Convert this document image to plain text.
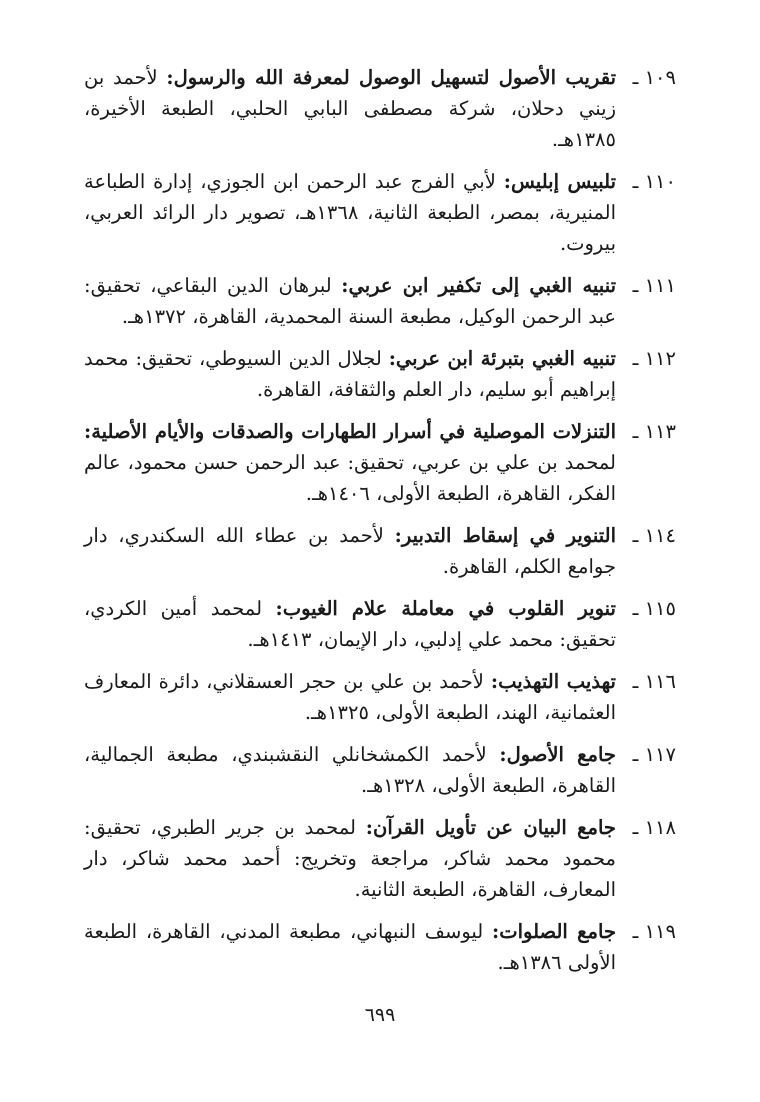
١٠٩ ـ
تقريب الأصول لتسهيل الوصول لمعرفة الله والرسول: لأحمد بن زيني دحلان، شركة مصطفى البابي الحلبي، الطبعة الأخيرة، ١٣٨٥هـ.
١١٠ ـ
تلبيس إبليس: لأبي الفرج عبد الرحمن ابن الجوزي، إدارة الطباعة المنيرية، بمصر، الطبعة الثانية، ١٣٦٨هـ، تصوير دار الرائد العربي، بيروت.
١١١ ـ
تنبيه الغبي إلى تكفير ابن عربي: لبرهان الدين البقاعي، تحقيق: عبد الرحمن الوكيل، مطبعة السنة المحمدية، القاهرة، ١٣٧٢هـ.
١١٢ ـ
تنبيه الغبي بتبرئة ابن عربي: لجلال الدين السيوطي، تحقيق: محمد إبراهيم أبو سليم، دار العلم والثقافة، القاهرة.
١١٣ ـ
التنزلات الموصلية في أسرار الطهارات والصدقات والأيام الأصلية: لمحمد بن علي بن عربي، تحقيق: عبد الرحمن حسن محمود، عالم الفكر، القاهرة، الطبعة الأولى، ١٤٠٦هـ.
١١٤ ـ
التنوير في إسقاط التدبير: لأحمد بن عطاء الله السكندري، دار جوامع الكلم، القاهرة.
١١٥ ـ
تنوير القلوب في معاملة علام الغيوب: لمحمد أمين الكردي، تحقيق: محمد علي إدلبي، دار الإيمان، ١٤١٣هـ.
١١٦ ـ
تهذيب التهذيب: لأحمد بن علي بن حجر العسقلاني، دائرة المعارف العثمانية، الهند، الطبعة الأولى، ١٣٢٥هـ.
١١٧ ـ
جامع الأصول: لأحمد الكمشخانلي النقشبندي، مطبعة الجمالية، القاهرة، الطبعة الأولى، ١٣٢٨هـ.
١١٨ ـ
جامع البيان عن تأويل القرآن: لمحمد بن جرير الطبري، تحقيق: محمود محمد شاكر، مراجعة وتخريج: أحمد محمد شاكر، دار المعارف، القاهرة، الطبعة الثانية.
١١٩ ـ
جامع الصلوات: ليوسف النبهاني، مطبعة المدني، القاهرة، الطبعة الأولى ١٣٨٦هـ.
٦٩٩
